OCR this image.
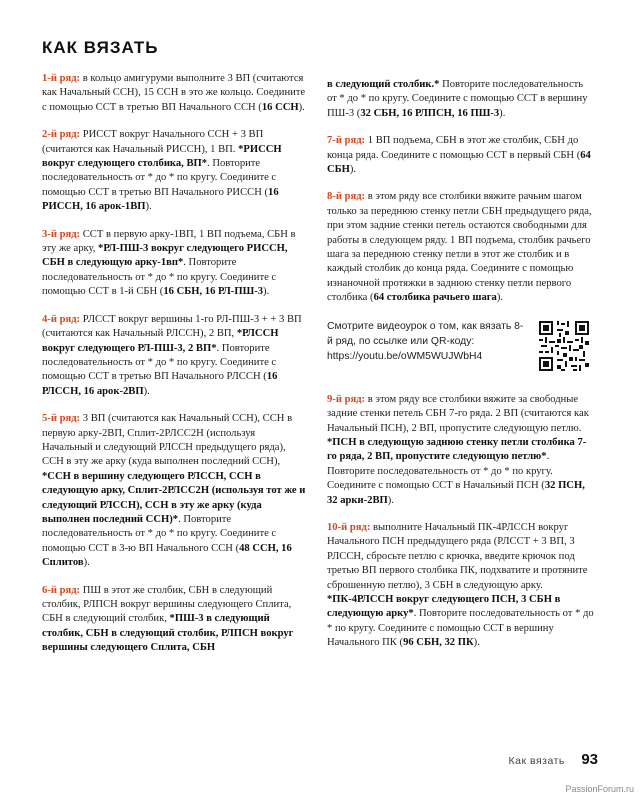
КАК ВЯЗАТЬ

1-й ряд: в кольцо амигуруми выполните 3 ВП (считаются как Начальный ССН), 15 ССН в это же кольцо. Соедините с помощью ССТ в третью ВП Начального ССН (16 ССН).

2-й ряд: РИССТ вокруг Начального ССН + 3 ВП (считаются как Начальный РИССН), 1 ВП. *РИССН вокруг следующего столбика, ВП*. Повторите последовательность от * до * по кругу. Соедините с помощью ССТ в третью ВП Начального РИССН (16 РИССН, 16 арок-1ВП).

3-й ряд: ССТ в первую арку-1ВП, 1 ВП подъема, СБН в эту же арку, *РЛ-ПШ-3 вокруг следующего РИССН, СБН в следующую арку-1вп*. Повторите последовательность от * до * по кругу. Соедините с помощью ССТ в 1-й СБН (16 СБН, 16 РЛ-ПШ-3).

4-й ряд: РЛССТ вокруг вершины 1-го РЛ-ПШ-3 + + 3 ВП (считаются как Начальный РЛССН), 2 ВП, *РЛССН вокруг следующего РЛ-ПШ-3, 2 ВП*. Повторите последовательность от * до * по кругу. Соедините с помощью ССТ в третью ВП Начального РЛССН (16 РЛССН, 16 арок-2ВП).

5-й ряд: 3 ВП (считаются как Начальный ССН), ССН в первую арку-2ВП, Сплит-2РЛСС2Н (используя Начальный и следующий РЛССН предыдущего ряда), ССН в эту же арку (куда выполнен последний ССН), *ССН в вершину следующего РЛССН, ССН в следующую арку, Сплит-2РЛСС2Н (используя тот же и следующий РЛССН), ССН в эту же арку (куда выполнен последний ССН)*. Повторите последовательность от * до * по кругу. Соедините с помощью ССТ в 3-ю ВП Начального ССН (48 ССН, 16 Сплитов).

6-й ряд: ПШ в этот же столбик, СБН в следующий столбик, РЛПСН вокруг вершины следующего Сплита, СБН в следующий столбик, *ПШ-3 в следующий столбик, СБН в следующий столбик, РЛПСН вокруг вершины следующего Сплита, СБН

в следующий столбик.* Повторите последовательность от * до * по кругу. Соедините с помощью ССТ в вершину ПШ-3 (32 СБН, 16 РЛПСН, 16 ПШ-3).

7-й ряд: 1 ВП подъема, СБН в этот же столбик, СБН до конца ряда. Соедините с помощью ССТ в первый СБН (64 СБН).

8-й ряд: в этом ряду все столбики вяжите рачьим шагом только за переднюю стенку петли СБН предыдущего ряда, при этом задние стенки петель остаются свободными для работы в следующем ряду. 1 ВП подъема, столбик рачьего шага за переднюю стенку петли в этот же столбик и в каждый столбик до конца ряда. Соедините с помощью изнаночной протяжки в заднюю стенку петли первого столбика (64 столбика рачьего шага).

Смотрите видеоурок о том, как вязать 8-й ряд, по ссылке или QR-коду:
https://youtu.be/oWM5WUJWbH4

9-й ряд: в этом ряду все столбики вяжите за свободные задние стенки петель СБН 7-го ряда. 2 ВП (считаются как Начальный ПСН), 2 ВП, пропустите следующую петлю. *ПСН в следующую заднюю стенку петли столбика 7-го ряда, 2 ВП, пропустите следующую петлю*. Повторите последовательность от * до * по кругу. Соедините с помощью ССТ в Начальный ПСН (32 ПСН, 32 арки-2ВП).

10-й ряд: выполните Начальный ПК-4РЛССН вокруг Начального ПСН предыдущего ряда (РЛССТ + 3 ВП, 3 РЛССН, сбросьте петлю с крючка, введите крючок под третью ВП первого столбика ПК, подхватите и протяните сброшенную петлю), 3 СБН в следующую арку. *ПК-4РЛССН вокруг следующего ПСН, 3 СБН в следующую арку*. Повторите последовательность от * до * по кругу. Соедините с помощью ССТ в вершину Начального ПК (96 СБН, 32 ПК).

Как вязать 93
PassionForum.ru
